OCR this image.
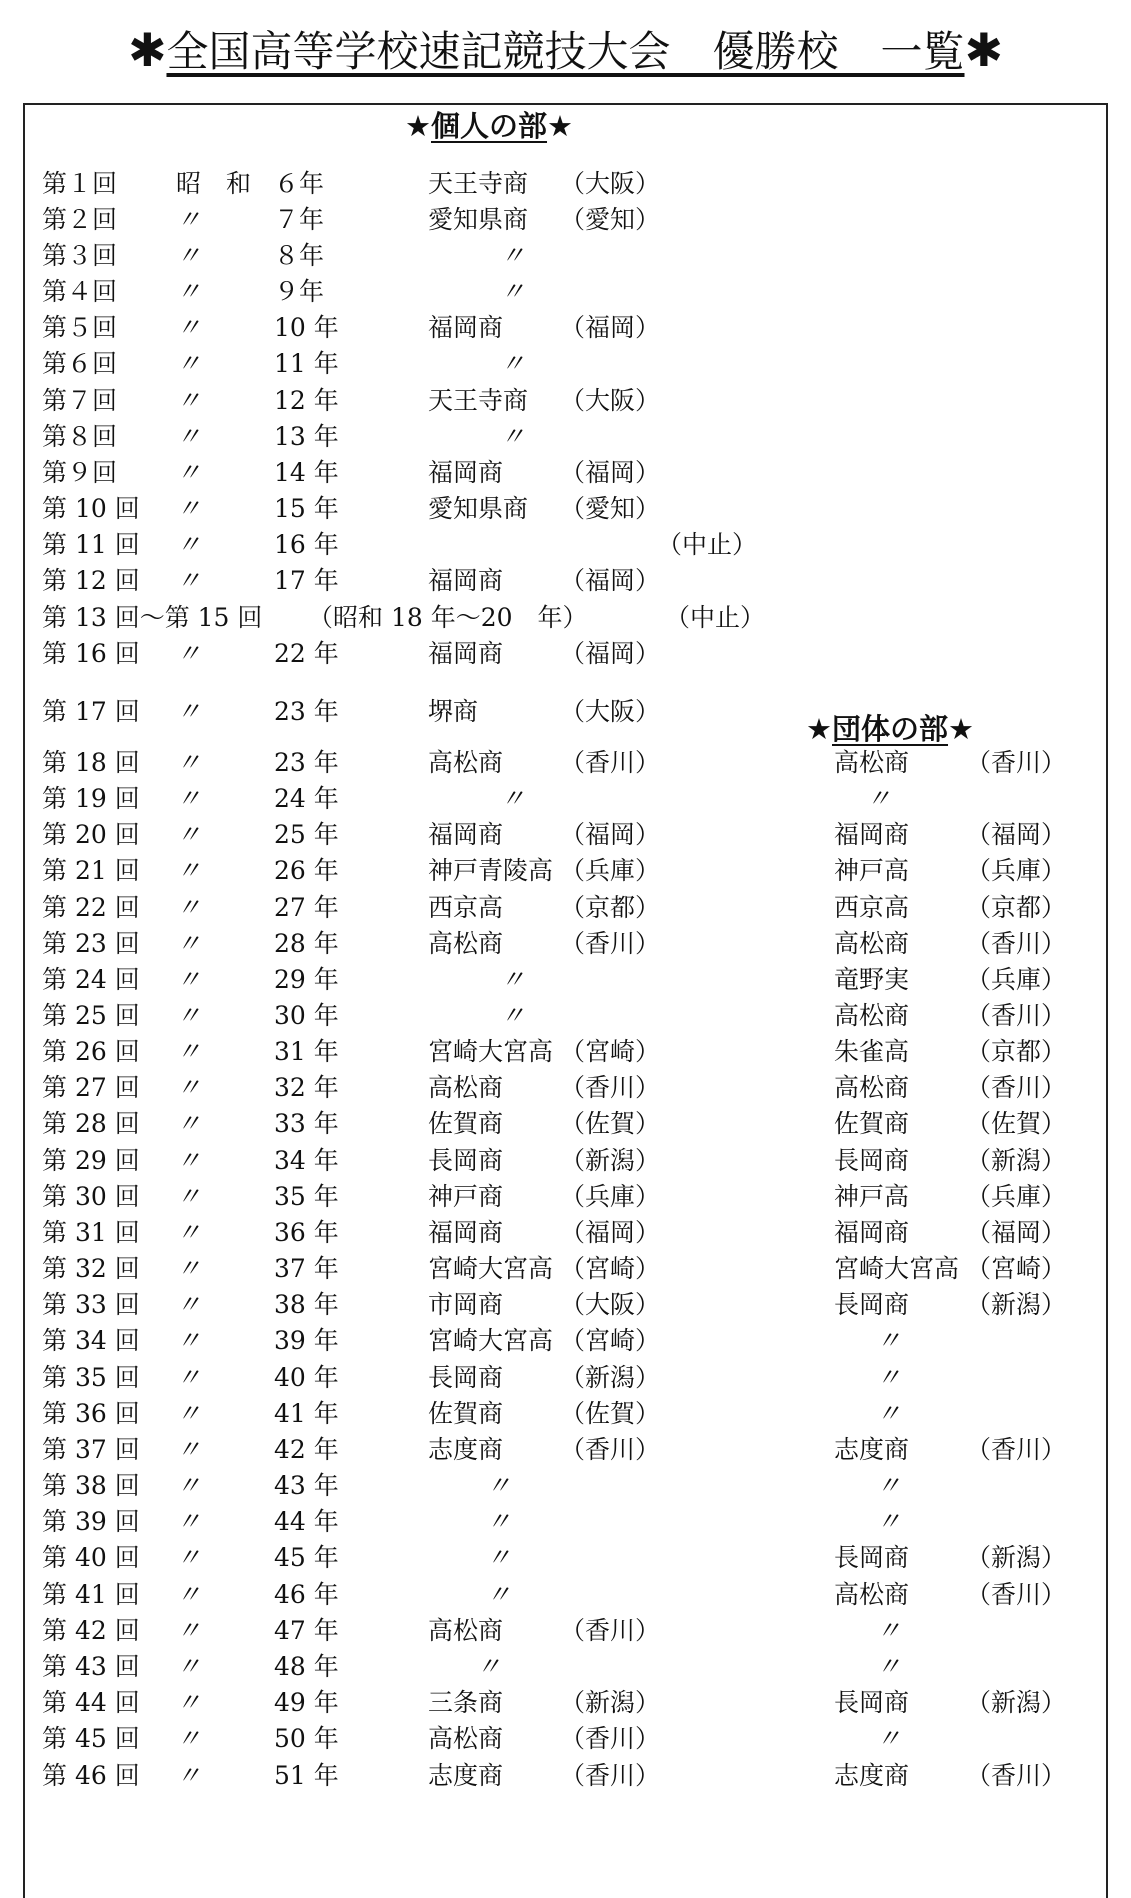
✱全国高等学校速記競技大会　優勝校　一覧✱
★個人の部★
★団体の部★
第１回 昭　和 ６年	天王寺商 （大阪）
第２回 〃	７年	愛知県商 （愛知）
第３回 〃	８年	〃
第４回 〃	９年	〃
第５回 〃	10 年	福岡商 （福岡）
第６回 〃	11 年	〃
第７回 〃	12 年	天王寺商 （大阪）
第８回 〃	13 年	〃
第９回 〃	14 年	福岡商 （福岡）
第 10 回 〃	15 年	愛知県商 （愛知）
第 11 回 〃	16 年	（中止）
第 12 回 〃	17 年	福岡商 （福岡）
第 13 回～第 15 回 （昭和 18 年～20　年）	（中止）
第 16 回 〃	22 年	福岡商 （福岡）
第 17 回 〃	23 年	堺商	（大阪）
第 18 回 〃	23 年	高松商 （香川）	高松商 （香川）
第 19 回 〃	24 年	〃	〃
第 20 回 〃	25 年	福岡商 （福岡）	福岡商 （福岡）
第 21 回 〃	26 年	神戸青陵高 （兵庫）	神戸高 （兵庫）
第 22 回 〃	27 年	西京高 （京都）	西京高 （京都）
第 23 回 〃	28 年	高松商 （香川）	高松商 （香川）
第 24 回 〃	29 年	〃	竜野実 （兵庫）
第 25 回 〃	30 年	〃	高松商 （香川）
第 26 回 〃	31 年	宮崎大宮高 （宮崎）	朱雀高 （京都）
第 27 回 〃	32 年	高松商 （香川）	高松商 （香川）
第 28 回 〃	33 年	佐賀商 （佐賀）	佐賀商 （佐賀）
第 29 回 〃	34 年	長岡商 （新潟）	長岡商 （新潟）
第 30 回 〃	35 年	神戸商 （兵庫）	神戸高 （兵庫）
第 31 回 〃	36 年	福岡商 （福岡）	福岡商 （福岡）
第 32 回 〃	37 年	宮崎大宮高 （宮崎）	宮崎大宮高 （宮崎）
第 33 回 〃	38 年	市岡商 （大阪）	長岡商 （新潟）
第 34 回 〃	39 年	宮崎大宮高 （宮崎）	〃
第 35 回 〃	40 年	長岡商 （新潟）	〃
第 36 回 〃	41 年	佐賀商 （佐賀）	〃
第 37 回 〃	42 年	志度商 （香川）	志度商 （香川）
第 38 回 〃	43 年	〃	〃
第 39 回 〃	44 年	〃	〃
第 40 回 〃	45 年	〃	長岡商 （新潟）
第 41 回 〃	46 年	〃	高松商 （香川）
第 42 回 〃	47 年	高松商 （香川）	〃
第 43 回 〃	48 年	〃	〃
第 44 回 〃	49 年	三条商 （新潟）	長岡商 （新潟）
第 45 回 〃	50 年	高松商 （香川）	〃
第 46 回 〃	51 年	志度商 （香川）	志度商 （香川）
